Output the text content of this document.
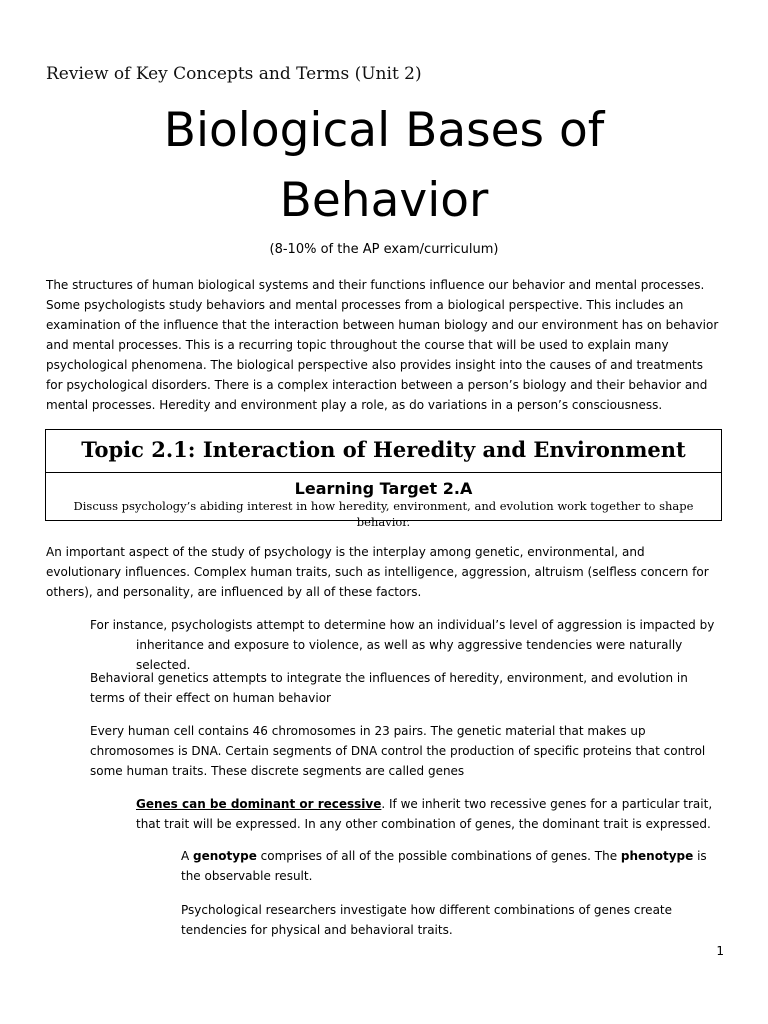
Review of Key Concepts and Terms (Unit 2)
Biological Bases of
Behavior
(8-10% of the AP exam/curriculum)

The structures of human biological systems and their functions influence our behavior and mental processes. Some psychologists study behaviors and mental processes from a biological perspective. This includes an examination of the influence that the interaction between human biology and our environment has on behavior and mental processes. This is a recurring topic throughout the course that will be used to explain many psychological phenomena. The biological perspective also provides insight into the causes of and treatments for psychological disorders. There is a complex interaction between a person’s biology and their behavior and mental processes. Heredity and environment play a role, as do variations in a person’s consciousness.

Topic 2.1: Interaction of Heredity and Environment
Learning Target 2.A
Discuss psychology’s abiding interest in how heredity, environment, and evolution work together to shape behavior.

An important aspect of the study of psychology is the interplay among genetic, environmental, and evolutionary influences. Complex human traits, such as intelligence, aggression, altruism (selfless concern for others), and personality, are influenced by all of these factors.

For instance, psychologists attempt to determine how an individual’s level of aggression is impacted by inheritance and exposure to violence, as well as why aggressive tendencies were naturally selected.

Behavioral genetics attempts to integrate the influences of heredity, environment, and evolution in terms of their effect on human behavior

Every human cell contains 46 chromosomes in 23 pairs. The genetic material that makes up chromosomes is DNA. Certain segments of DNA control the production of specific proteins that control some human traits. These discrete segments are called genes

Genes can be dominant or recessive. If we inherit two recessive genes for a particular trait, that trait will be expressed. In any other combination of genes, the dominant trait is expressed.

A genotype comprises of all of the possible combinations of genes. The phenotype is the observable result.

Psychological researchers investigate how different combinations of genes create tendencies for physical and behavioral traits.

1
